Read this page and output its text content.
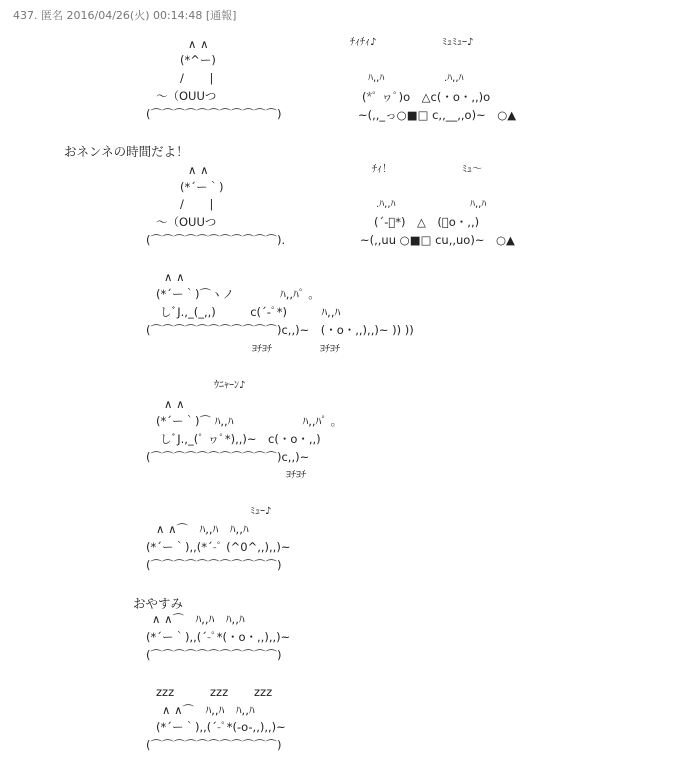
437. 匿名 2016/04/26(火) 00:14:48 [通報]
∧ ∧
(*^ー)
/       |
〜（OUUつ
(⌒⌒⌒⌒⌒⌒⌒⌒⌒⌒⌒)
ﾁｨﾁｨ♪	ﾐｭﾐｭｰ♪
ﾊ,,ﾊ	.ﾊ,,ﾊ
(*ﾟ ヮﾟ)o　△c(・o・,,)o
~(,,_っ○■□ c,,__,,o)~　○▲
おネンネの時間だよ！
∧ ∧
(*´ー｀)
/       |
〜（OUUつ
(⌒⌒⌒⌒⌒⌒⌒⌒⌒⌒⌒).
ﾁｨ！	ﾐｭ〜
.ﾊ,,ﾊ	ﾊ,,ﾊ
(´-ﾟ*)　△　(・o・,,)
~(,,uu ○■□ cu,,uo)~　○▲
∧ ∧
(*´ー｀)⌒ヽノ　　　　ﾊ,,ﾊﾟ 。
しﾞJ.,_(_,,)　　　c(´-ﾟ*)　　　ﾊ,,ﾊ
(⌒⌒⌒⌒⌒⌒⌒⌒⌒⌒⌒)c,,)~　(・o・,,),,)~ )) ))
ﾖﾁﾖﾁ	ﾖﾁﾖﾁ
ｳﾆｬｰﾝ♪
∧ ∧
(*´ー｀)⌒ ﾊ,,ﾊ　　　　　　ﾊ,,ﾊﾟ 。
しﾞJ.,_(ﾟ ヮﾟ*),,)~　c(・o・,,)
(⌒⌒⌒⌒⌒⌒⌒⌒⌒⌒⌒)c,,)~
ﾖﾁﾖﾁ
ﾐｭｰ♪
∧ ∧⌒　ﾊ,,ﾊ　ﾊ,,ﾊ
(*´ー｀),,(*´-ﾟ (^0^,,),,)~
(⌒⌒⌒⌒⌒⌒⌒⌒⌒⌒⌒)
おやすみ
∧ ∧⌒　ﾊ,,ﾊ　ﾊ,,ﾊ
(*´ー｀),,(´-ﾟ*(・o・,,),,)~
(⌒⌒⌒⌒⌒⌒⌒⌒⌒⌒⌒)
zzz	zzz zzz
∧ ∧⌒　ﾊ,,ﾊ　ﾊ,,ﾊ
(*´ー｀),,(´-ﾟ*(-o-,,),,)~
(⌒⌒⌒⌒⌒⌒⌒⌒⌒⌒⌒)
